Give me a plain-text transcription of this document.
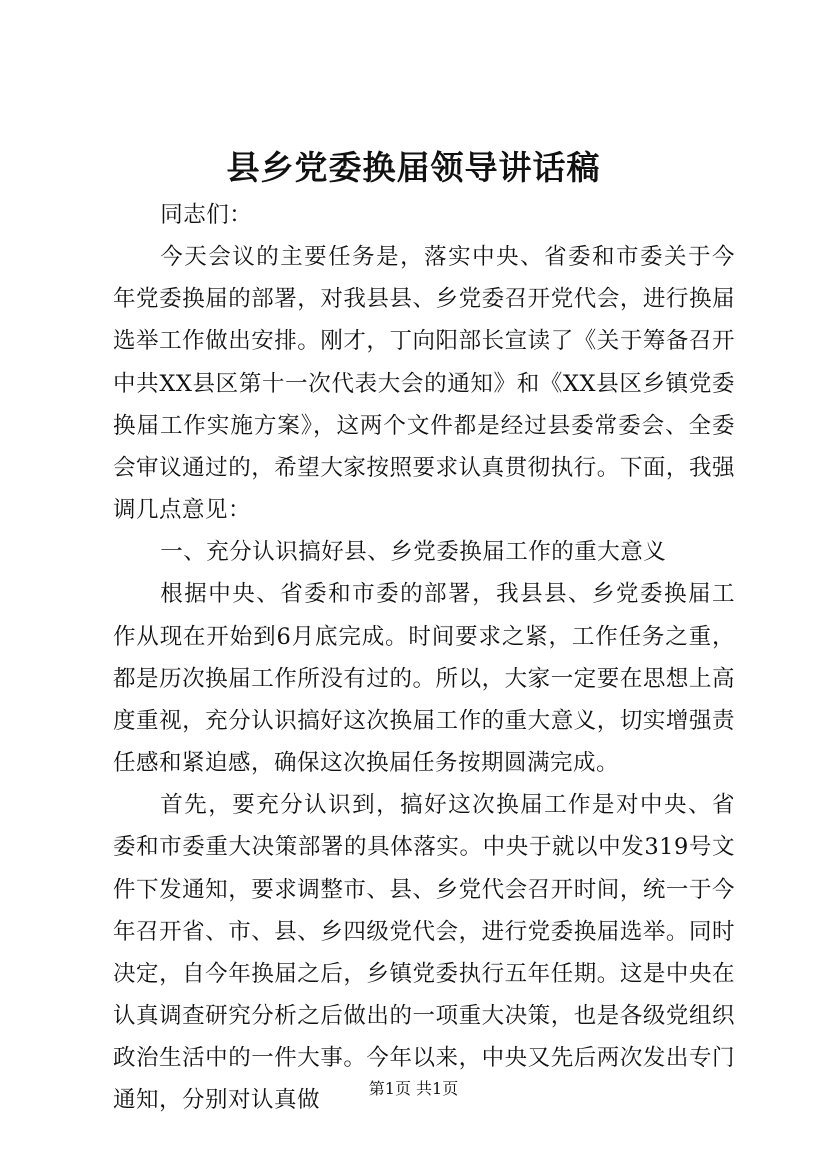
县乡党委换届领导讲话稿

同志们：

今天会议的主要任务是，落实中央、省委和市委关于今年党委换届的部署，对我县县、乡党委召开党代会，进行换届选举工作做出安排。刚才，丁向阳部长宣读了《关于筹备召开中共XX县区第十一次代表大会的通知》和《XX县区乡镇党委换届工作实施方案》，这两个文件都是经过县委常委会、全委会审议通过的，希望大家按照要求认真贯彻执行。下面，我强调几点意见：

一、充分认识搞好县、乡党委换届工作的重大意义

根据中央、省委和市委的部署，我县县、乡党委换届工作从现在开始到6月底完成。时间要求之紧，工作任务之重，都是历次换届工作所没有过的。所以，大家一定要在思想上高度重视，充分认识搞好这次换届工作的重大意义，切实增强责任感和紧迫感，确保这次换届任务按期圆满完成。

首先，要充分认识到，搞好这次换届工作是对中央、省委和市委重大决策部署的具体落实。中央于就以中发319号文件下发通知，要求调整市、县、乡党代会召开时间，统一于今年召开省、市、县、乡四级党代会，进行党委换届选举。同时决定，自今年换届之后，乡镇党委执行五年任期。这是中央在认真调查研究分析之后做出的一项重大决策，也是各级党组织政治生活中的一件大事。今年以来，中央又先后两次发出专门通知，分别对认真做	第1页 共1页
